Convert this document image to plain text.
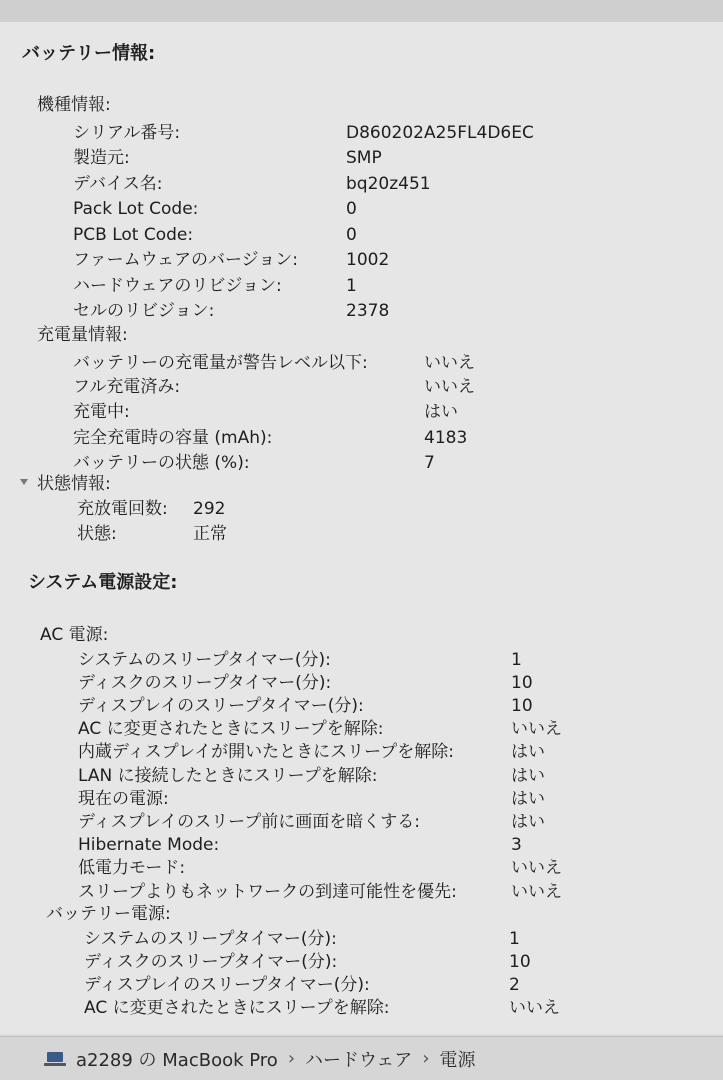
バッテリー情報:
機種情報:
シリアル番号:	D860202A25FL4D6EC
製造元:	SMP
デバイス名:	bq20z451
Pack Lot Code:	0
PCB Lot Code:	0
ファームウェアのバージョン:	1002
ハードウェアのリビジョン:	1
セルのリビジョン:	2378
充電量情報:
バッテリーの充電量が警告レベル以下:	いいえ
フル充電済み:	いいえ
充電中:	はい
完全充電時の容量 (mAh):	4183
バッテリーの状態 (%):	7
状態情報:
充放電回数: 292
状態:	正常
システム電源設定:
AC 電源:
システムのスリープタイマー(分):	1
ディスクのスリープタイマー(分):	10
ディスプレイのスリープタイマー(分):	10
AC に変更されたときにスリープを解除:	いいえ
内蔵ディスプレイが開いたときにスリープを解除:	はい
LAN に接続したときにスリープを解除:	はい
現在の電源:	はい
ディスプレイのスリープ前に画面を暗くする:	はい
Hibernate Mode:	3
低電力モード:	いいえ
スリープよりもネットワークの到達可能性を優先:	いいえ
バッテリー電源:
システムのスリープタイマー(分):	1
ディスクのスリープタイマー(分):	10
ディスプレイのスリープタイマー(分):	2
AC に変更されたときにスリープを解除:	いいえ
a2289 の MacBook Pro › ハードウェア › 電源
